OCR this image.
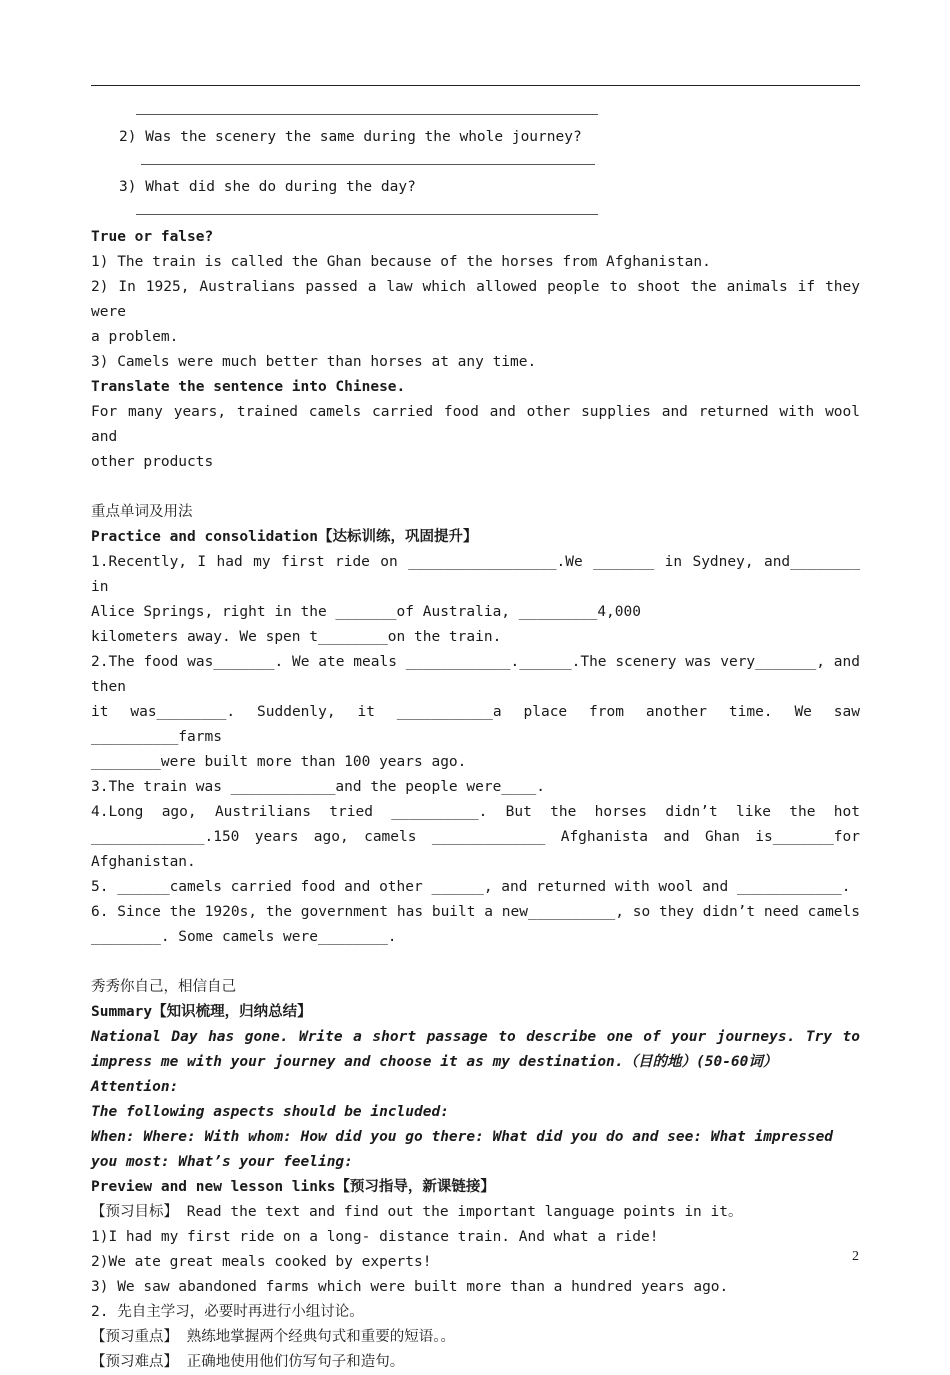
2) Was the scenery the same during the whole journey?

3) What did she do during the day?

True or false?

1) The train is called the Ghan because of the horses from Afghanistan.

2) In 1925, Australians passed a law which allowed people to shoot the animals if they were

a problem.

3) Camels were much better than horses at any time.

Translate the sentence into Chinese.

For many years, trained camels carried food and other supplies and returned with wool and

other products

重点单词及用法

Practice and consolidation【达标训练，巩固提升】

1.Recently, I had my first ride on _________________.We _______ in Sydney, and________ in

Alice Springs, right in the _______of Australia, _________4,000

kilometers away. We spen t________on the train.

2.The food was_______. We ate meals ____________.______.The scenery was very_______, and then

it was________. Suddenly, it ___________a place from another time. We saw __________farms

________were built more than 100 years ago.

3.The train was ____________and the people were____.

4.Long ago, Austrilians tried __________. But the horses didn’t like the hot

_____________.150 years ago, camels _____________ Afghanista and Ghan is_______for

Afghanistan.

5. ______camels carried food and other ______, and returned with wool and ____________.

6. Since the 1920s, the government has built a new__________, so they didn’t need camels

________. Some camels were________.

秀秀你自己，相信自己

Summary【知识梳理，归纳总结】

National Day has gone. Write a short passage to describe one of your journeys. Try to

impress me with your journey and choose it as my destination.（目的地）(50-60词）Attention:

The following aspects should be included:

When: Where: With whom: How did you go there: What did you do and see: What impressed

you most: What’s your feeling:

Preview and new lesson links【预习指导，新课链接】

【预习目标】 Read the text and find out the important language points in it。

1)I had my first ride on a long- distance train. And what a ride!

2)We ate great meals cooked by experts!

3) We saw abandoned farms which were built more than a hundred years ago.

2. 先自主学习，必要时再进行小组讨论。

【预习重点】 熟练地掌握两个经典句式和重要的短语。。

【预习难点】 正确地使用他们仿写句子和造句。

2
